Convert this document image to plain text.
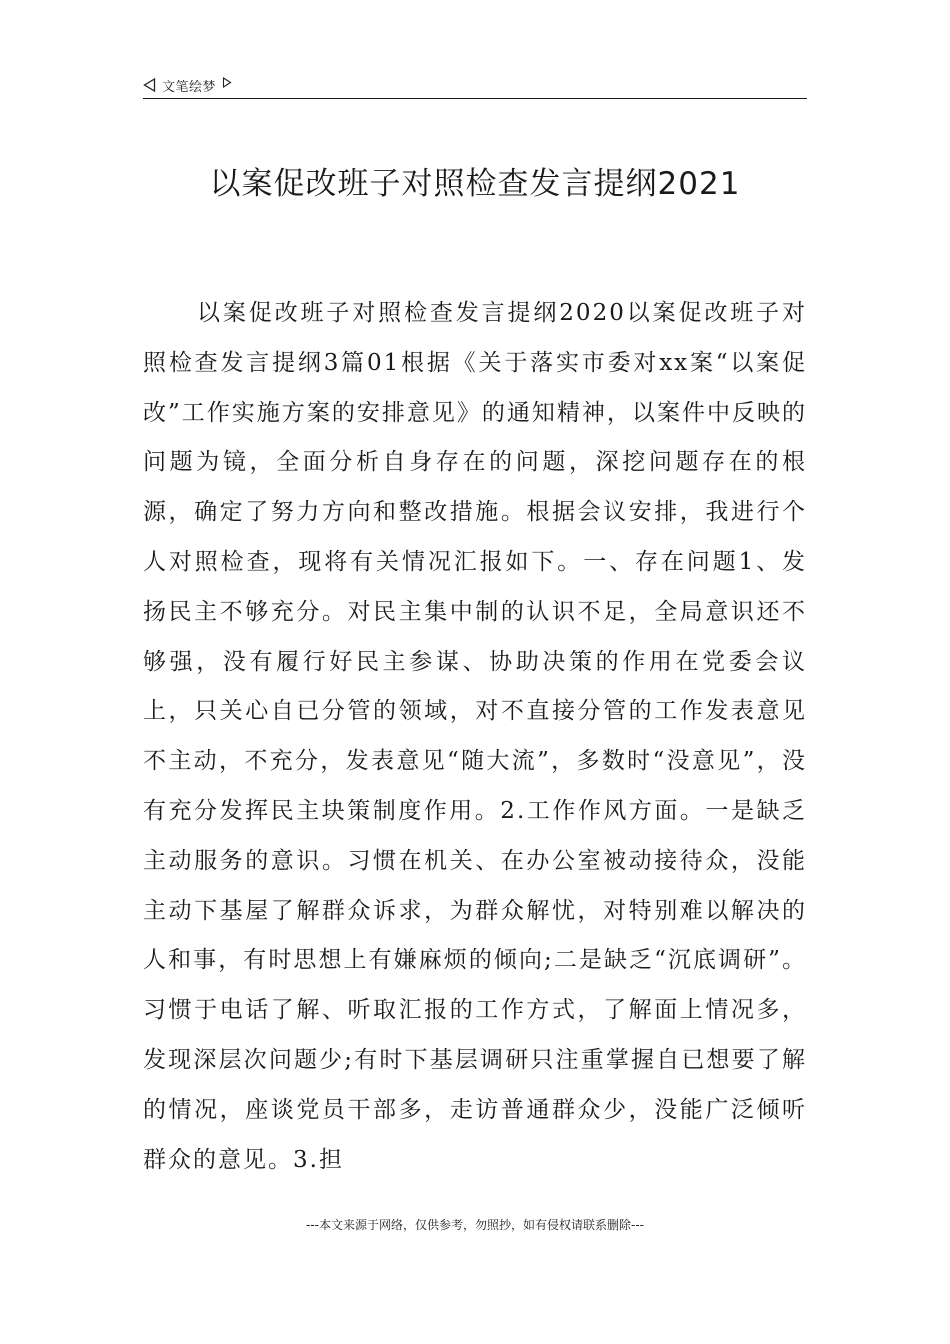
文笔绘梦
以案促改班子对照检查发言提纲2021

以案促改班子对照检查发言提纲2020以案促改班子对照检查发言提纲3篇01根据《关于落实市委对xx案“以案促改”工作实施方案的安排意见》的通知精神，以案件中反映的问题为镜，全面分析自身存在的问题，深挖问题存在的根源，确定了努力方向和整改措施。根据会议安排，我进行个人对照检查，现将有关情况汇报如下。一、存在问题1、发扬民主不够充分。对民主集中制的认识不足，全局意识还不够强，没有履行好民主参谋、协助决策的作用在党委会议上，只关心自已分管的领域，对不直接分管的工作发表意见不主动，不充分，发表意见“随大流”，多数时“没意见”，没有充分发挥民主块策制度作用。2.工作作风方面。一是缺乏主动服务的意识。习惯在机关、在办公室被动接待众，没能主动下基屋了解群众诉求，为群众解忧，对特别难以解决的人和事，有时思想上有嫌麻烦的倾向;二是缺乏“沉底调研”。习惯于电话了解、听取汇报的工作方式，了解面上情况多，发现深层次问题少;有时下基层调研只注重掌握自已想要了解的情况，座谈党员干部多，走访普通群众少，没能广泛倾听群众的意见。3.担

---本文来源于网络，仅供参考，勿照抄，如有侵权请联系删除---
